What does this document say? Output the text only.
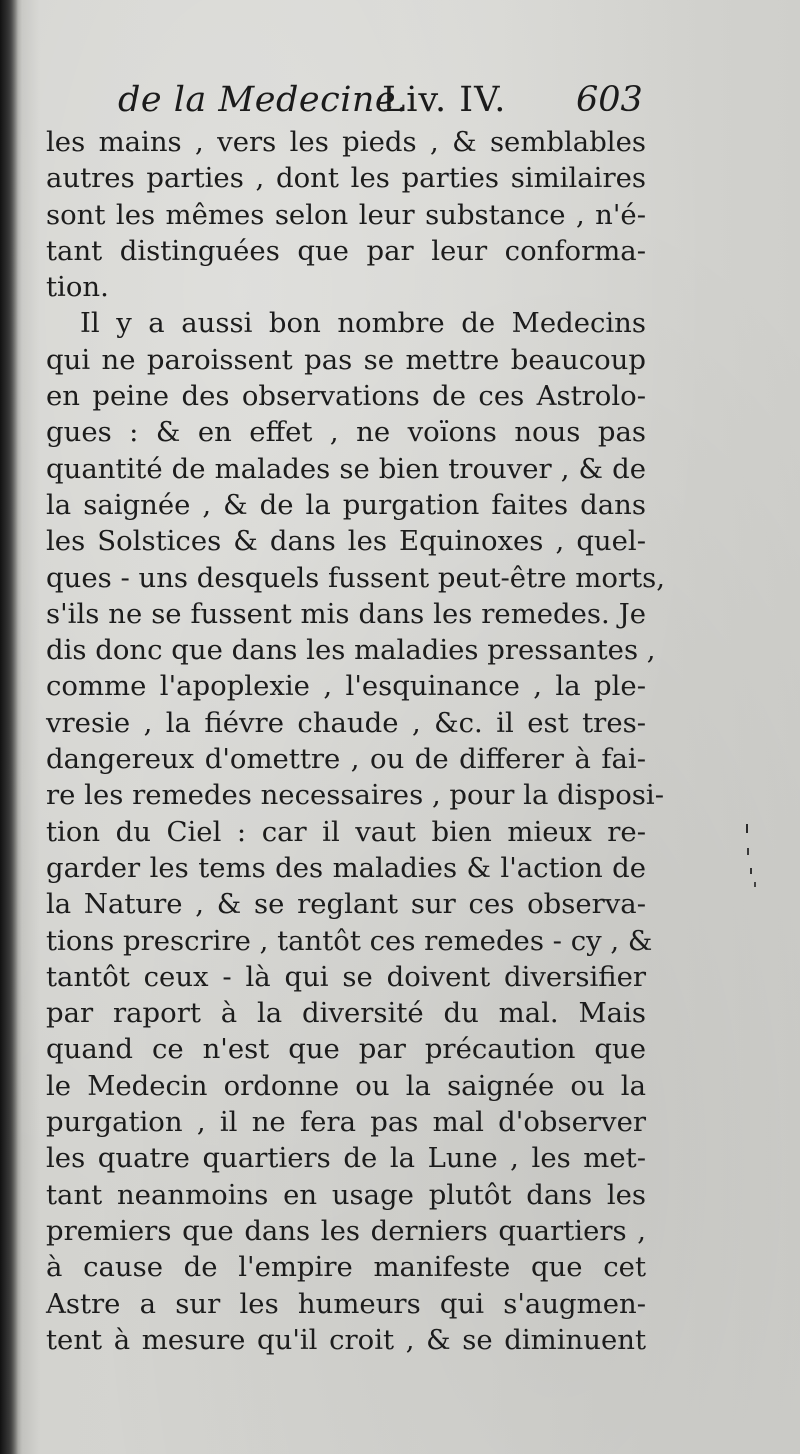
de la Medecine.
Liv. IV. 603
les mains , vers les pieds , & semblables
autres parties , dont les parties similaires
sont les mêmes selon leur substance , n'é-
tant distinguées que par leur conforma-
tion.
Il y a aussi bon nombre de Medecins
qui ne paroissent pas se mettre beaucoup
en peine des observations de ces Astrolo-
gues : & en effet , ne voïons nous pas
quantité de malades se bien trouver , & de
la saignée , & de la purgation faites dans
les Solstices & dans les Equinoxes , quel-
ques - uns desquels fussent peut-être morts,
s'ils ne se fussent mis dans les remedes. Je
dis donc que dans les maladies pressantes ,
comme l'apoplexie , l'esquinance , la ple-
vresie , la fiévre chaude , &c. il est tres-
dangereux d'omettre , ou de differer à fai-
re les remedes necessaires , pour la disposi-
tion du Ciel : car il vaut bien mieux re-
garder les tems des maladies & l'action de
la Nature , & se reglant sur ces observa-
tions prescrire , tantôt ces remedes - cy , &
tantôt ceux - là qui se doivent diversifier
par raport à la diversité du mal. Mais
quand ce n'est que par précaution que
le Medecin ordonne ou la saignée ou la
purgation , il ne fera pas mal d'observer
les quatre quartiers de la Lune , les met-
tant neanmoins en usage plutôt dans les
premiers que dans les derniers quartiers ,
à cause de l'empire manifeste que cet
Astre a sur les humeurs qui s'augmen-
tent à mesure qu'il croit , & se diminuent
